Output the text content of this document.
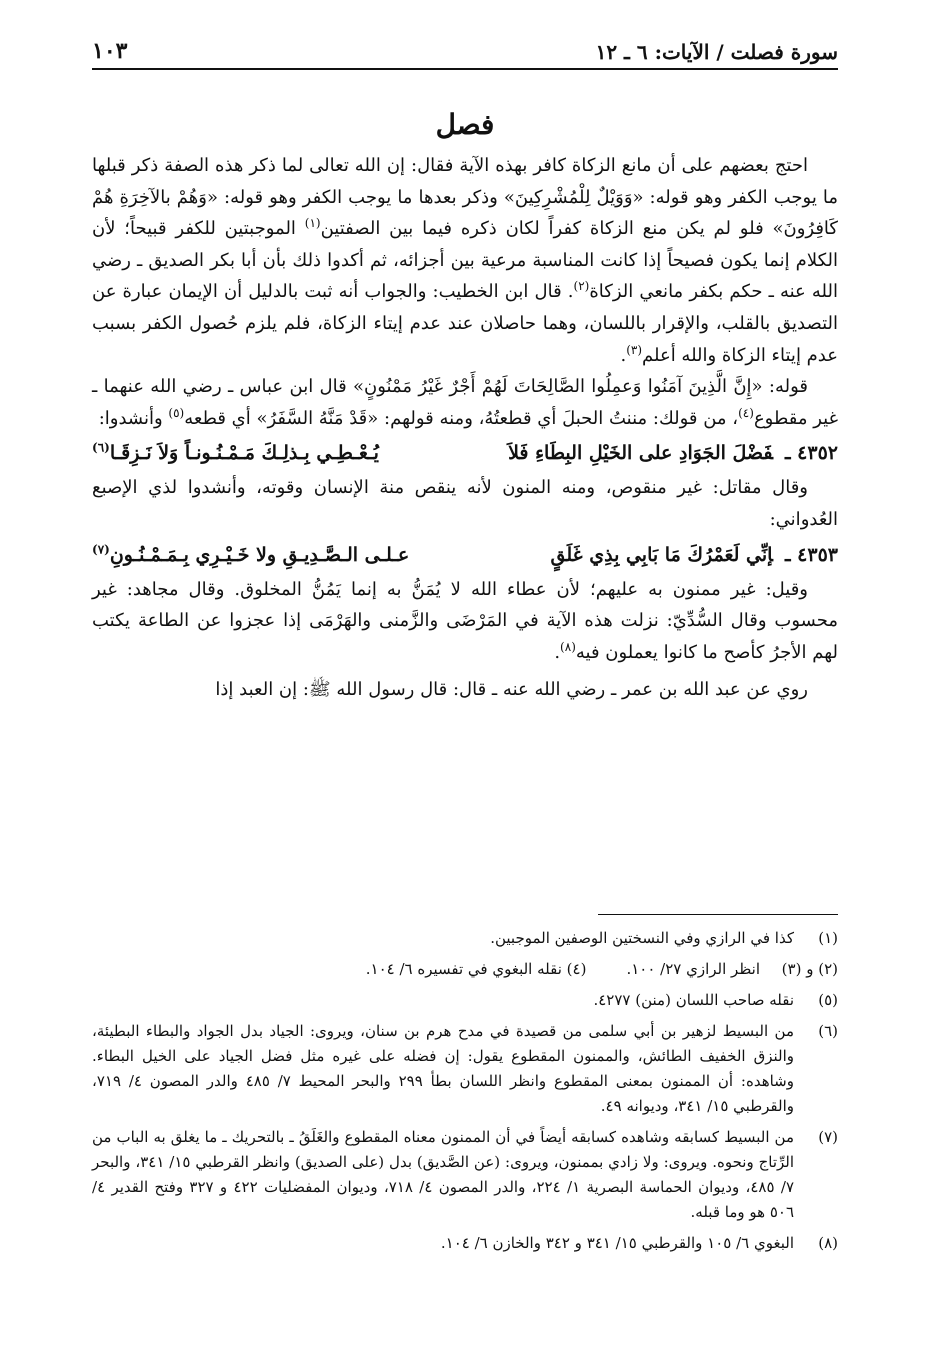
سورة فصلت / الآيات: ٦ ـ ١٢
١٠٣
فصل

احتج بعضهم على أن مانع الزكاة كافر بهذه الآية فقال: إن الله تعالى لما ذكر هذه الصفة ذكر قبلها ما يوجب الكفر وهو قوله: «وَوَيْلٌ لِلْمُشْرِكِينَ» وذكر بعدها ما يوجب الكفر وهو قوله: «وَهُمْ بالآخِرَةِ هُمْ كَافِرُونَ» فلو لم يكن منع الزكاة كفراً لكان ذكره فيما بين الصفتين$^{(١)}$ الموجبتين للكفر قبيحاً؛ لأن الكلام إنما يكون فصيحاً إذا كانت المناسبة مرعية بين أجزائه، ثم أكدوا ذلك بأن أبا بكر الصديق ـ رضي الله عنه ـ حكم بكفر مانعي الزكاة$^{(٢)}$. قال ابن الخطيب: والجواب أنه ثبت بالدليل أن الإيمان عبارة عن التصديق بالقلب، والإقرار باللسان، وهما حاصلان عند عدم إيتاء الزكاة، فلم يلزم حُصول الكفر بسبب عدم إيتاء الزكاة والله أعلم$^{(٣)}$.

قوله: «إِنَّ الَّذِينَ آمَنُوا وَعمِلُوا الصَّالِحَاتَ لَهُمْ أَجْرٌ غَيْرُ مَمْنُونٍ» قال ابن عباس ـ رضي الله عنهما ـ غير مقطوع$^{(٤)}$، من قولك: مننتُ الحبلَ أي قطعتُهُ، ومنه قولهم: «قَدْ مَنَّهُ السَّفَرُ» أي قطعه$^{(٥)}$ وأنشدوا:

٤٣٥٢ ـفَضْلَ الجَوَادِ على الخَيْلِ البِطَاءِ فَلاَ
يُـعْـطِـي بِـذلِـكَ مَـمْـنُـونـاً وَلاَ نَـزِقَـا$^{(٦)}$

وقال مقاتل: غير منقوص، ومنه المنون لأنه ينقص منة الإنسان وقوته، وأنشدوا لذي الإصبع العُدواني:

٤٣٥٣ ـإنِّي لَعَمْرُكَ مَا بَابِي بِذِي غَلَقٍ
عـلـى الـصَّـدِيـقِ ولا خَـيْـرِي بِـمَـمْـنُـونِ$^{(٧)}$

وقيل: غير ممنون به عليهم؛ لأن عطاء الله لا يُمَنُّ به إنما يَمُنُّ المخلوق. وقال مجاهد: غير محسوب وقال السُّدِّيّ: نزلت هذه الآية في المَرْضَى والزَّمنى والهَرْمَى إذا عجزوا عن الطاعة يكتب لهم الأجرُ كأصح ما كانوا يعملون فيه$^{(٨)}$.

روي عن عبد الله بن عمر ـ رضي الله عنه ـ قال: قال رسول الله ﷺ: إن العبد إذا

(١)
كذا في الرازي وفي النسختين الوصفين الموجبين.
(٢) و (٣)
انظر الرازي ٢٧/ ١٠٠.
(٤) نقله البغوي في تفسيره ٦/ ١٠٤.
(٥)
نقله صاحب اللسان (منن) ٤٢٧٧.
(٦)
من البسيط لزهير بن أبي سلمى من قصيدة في مدح هرم بن سنان، ويروى: الجياد بدل الجواد والبطاء البطيئة، والنزق الخفيف الطائش، والممنون المقطوع يقول: إن فضله على غيره مثل فضل الجياد على الخيل البطاء. وشاهده: أن الممنون بمعنى المقطوع وانظر اللسان بطأ ٢٩٩ والبحر المحيط ٧/ ٤٨٥ والدر المصون ٤/ ٧١٩، والقرطبي ١٥/ ٣٤١، وديوانه ٤٩.
(٧)
من البسيط كسابقه وشاهده كسابقه أيضاً في أن الممنون معناه المقطوع والغَلَقُ ـ بالتحريك ـ ما يغلق به الباب من الرِّتاج ونحوه. ويروى: ولا زادي بممنون، ويروى: (عن الصَّديق) بدل (على الصديق) وانظر القرطبي ١٥/ ٣٤١، والبحر ٧/ ٤٨٥، وديوان الحماسة البصرية ١/ ٢٢٤، والدر المصون ٤/ ٧١٨، وديوان المفضليات ٤٢٢ و ٣٢٧ وفتح القدير ٤/ ٥٠٦ هو وما قبله.
(٨)
البغوي ٦/ ١٠٥ والقرطبي ١٥/ ٣٤١ و ٣٤٢ والخازن ٦/ ١٠٤.
